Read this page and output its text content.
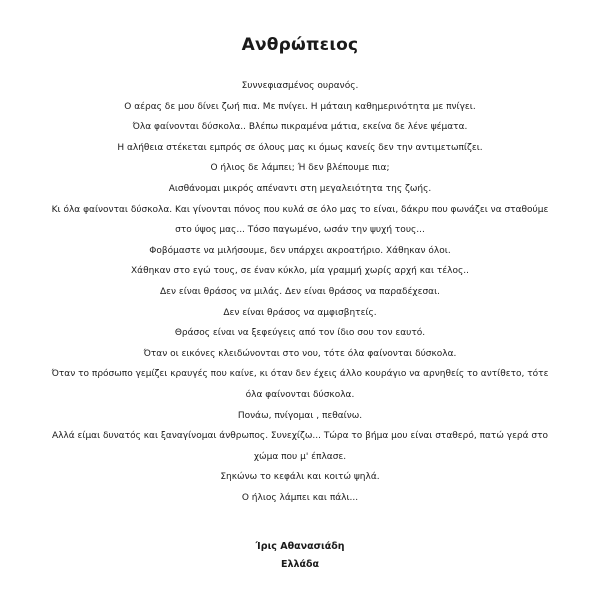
Ανθρώπειος
Συννεφιασμένος ουρανός.
Ο αέρας δε μου δίνει ζωή πια. Με πνίγει. Η μάταιη καθημερινότητα με πνίγει.
Όλα φαίνονται δύσκολα.. Βλέπω πικραμένα μάτια, εκείνα δε λένε ψέματα.
Η αλήθεια στέκεται εμπρός σε όλους μας κι όμως κανείς δεν την αντιμετωπίζει.
Ο ήλιος δε λάμπει; Ή δεν βλέπουμε πια;
Αισθάνομαι μικρός απέναντι στη μεγαλειότητα της ζωής.
Κι όλα φαίνονται δύσκολα. Και γίνονται πόνος που κυλά σε όλο μας το είναι, δάκρυ που φωνάζει να σταθούμε
στο ύψος μας... Τόσο παγωμένο, ωσάν την ψυχή τους...
Φοβόμαστε να μιλήσουμε, δεν υπάρχει ακροατήριο. Χάθηκαν όλοι.
Χάθηκαν στο εγώ τους, σε έναν κύκλο, μία γραμμή χωρίς αρχή και τέλος..
Δεν είναι θράσος να μιλάς. Δεν είναι θράσος να παραδέχεσαι.
Δεν είναι θράσος να αμφισβητείς.
Θράσος είναι να ξεφεύγεις από τον ίδιο σου τον εαυτό.
Όταν οι εικόνες κλειδώνονται στο νου, τότε όλα φαίνονται δύσκολα.
Όταν το πρόσωπο γεμίζει κραυγές που καίνε, κι όταν δεν έχεις άλλο κουράγιο να αρνηθείς το αντίθετο, τότε
όλα φαίνονται δύσκολα.
Πονάω, πνίγομαι , πεθαίνω.
Αλλά είμαι δυνατός και ξαναγίνομαι άνθρωπος. Συνεχίζω... Τώρα το βήμα μου είναι σταθερό, πατώ γερά στο
χώμα που μ' έπλασε.
Σηκώνω το κεφάλι και κοιτώ ψηλά.
Ο ήλιος λάμπει και πάλι...
Ίρις Αθανασιάδη
Ελλάδα
